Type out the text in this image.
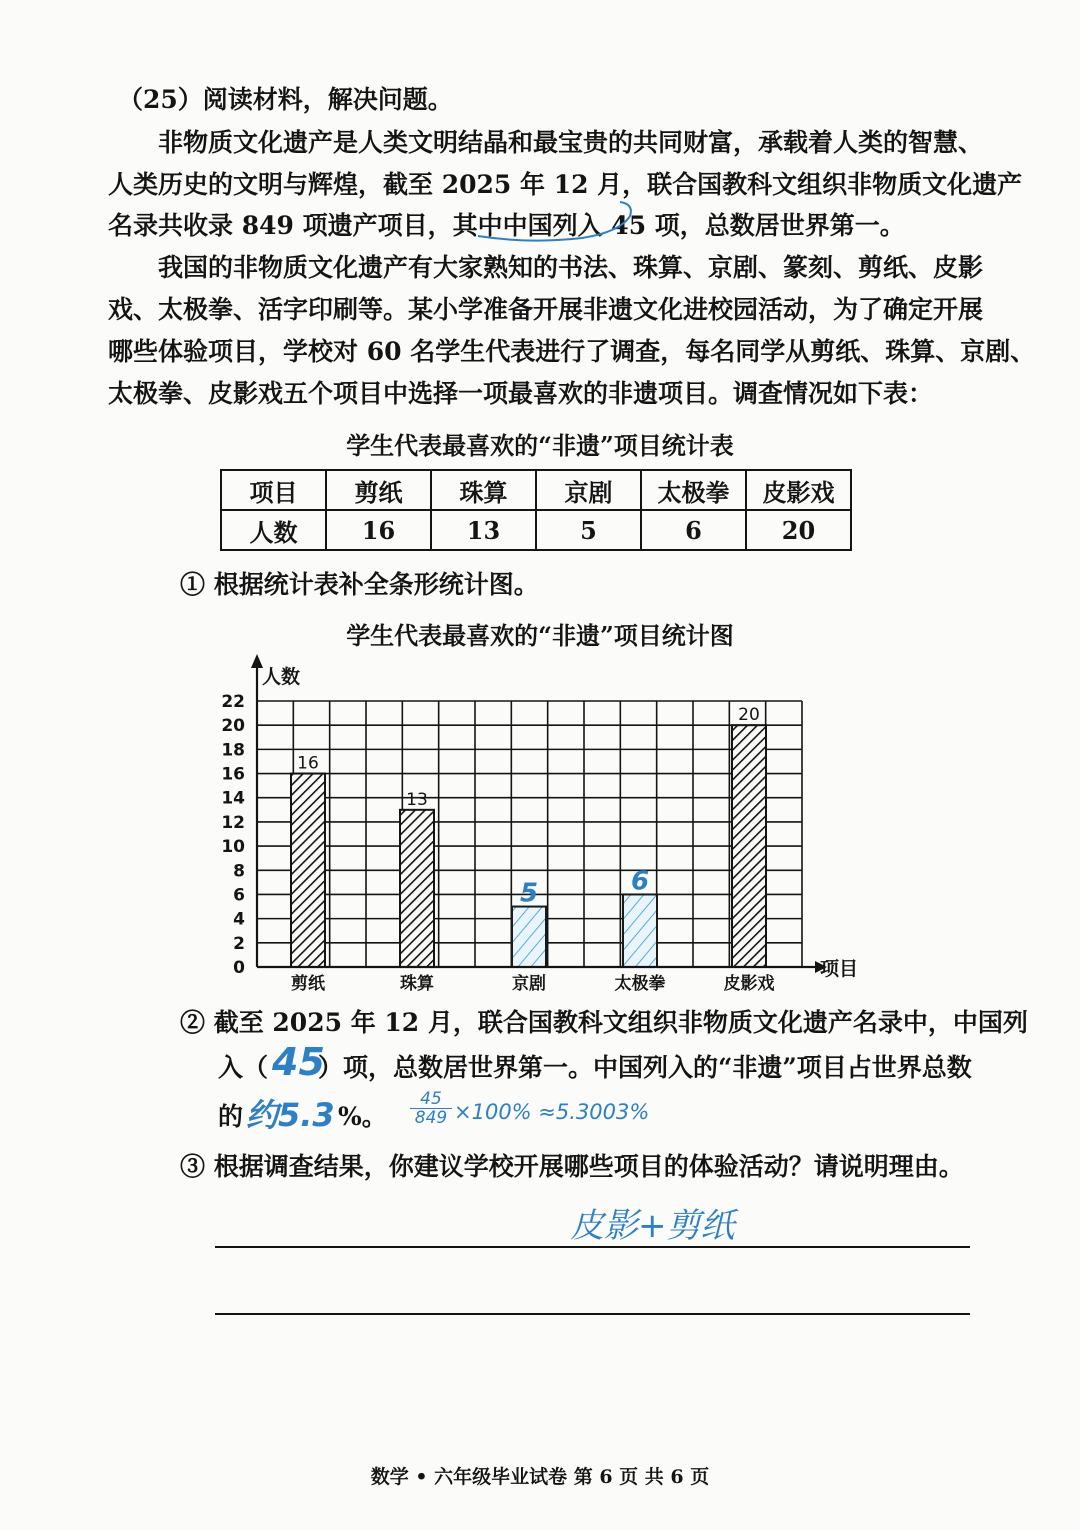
（25）阅读材料，解决问题。
非物质文化遗产是人类文明结晶和最宝贵的共同财富，承载着人类的智慧、
人类历史的文明与辉煌，截至 2025 年 12 月，联合国教科文组织非物质文化遗产
名录共收录 849 项遗产项目，其中中国列入 45 项，总数居世界第一。
我国的非物质文化遗产有大家熟知的书法、珠算、京剧、篆刻、剪纸、皮影
戏、太极拳、活字印刷等。某小学准备开展非遗文化进校园活动，为了确定开展
哪些体验项目，学校对 60 名学生代表进行了调查，每名同学从剪纸、珠算、京剧、
太极拳、皮影戏五个项目中选择一项最喜欢的非遗项目。调查情况如下表：
学生代表最喜欢的“非遗”项目统计表
项目	剪纸	珠算	京剧	太极拳	皮影戏
人数	16	13	5	6	20
① 根据统计表补全条形统计图。
学生代表最喜欢的“非遗”项目统计图
0
2
4
6
8
10
12
14
16
18
20
22
16
13
5	6
20
剪纸	珠算	京剧	太极拳	皮影戏
人数
项目
② 截至 2025 年 12 月，联合国教科文组织非物质文化遗产名录中，中国列
入（ 45
）项，总数居世界第一。中国列入的“非遗”项目占世界总数
的 约5.3 %。 $\frac{45}{849} \times 100\% \approx 5.3003\%$
③ 根据调查结果，你建议学校开展哪些项目的体验活动？请说明理由。
皮影+剪纸
数学 • 六年级毕业试卷 第 6 页 共 6 页
